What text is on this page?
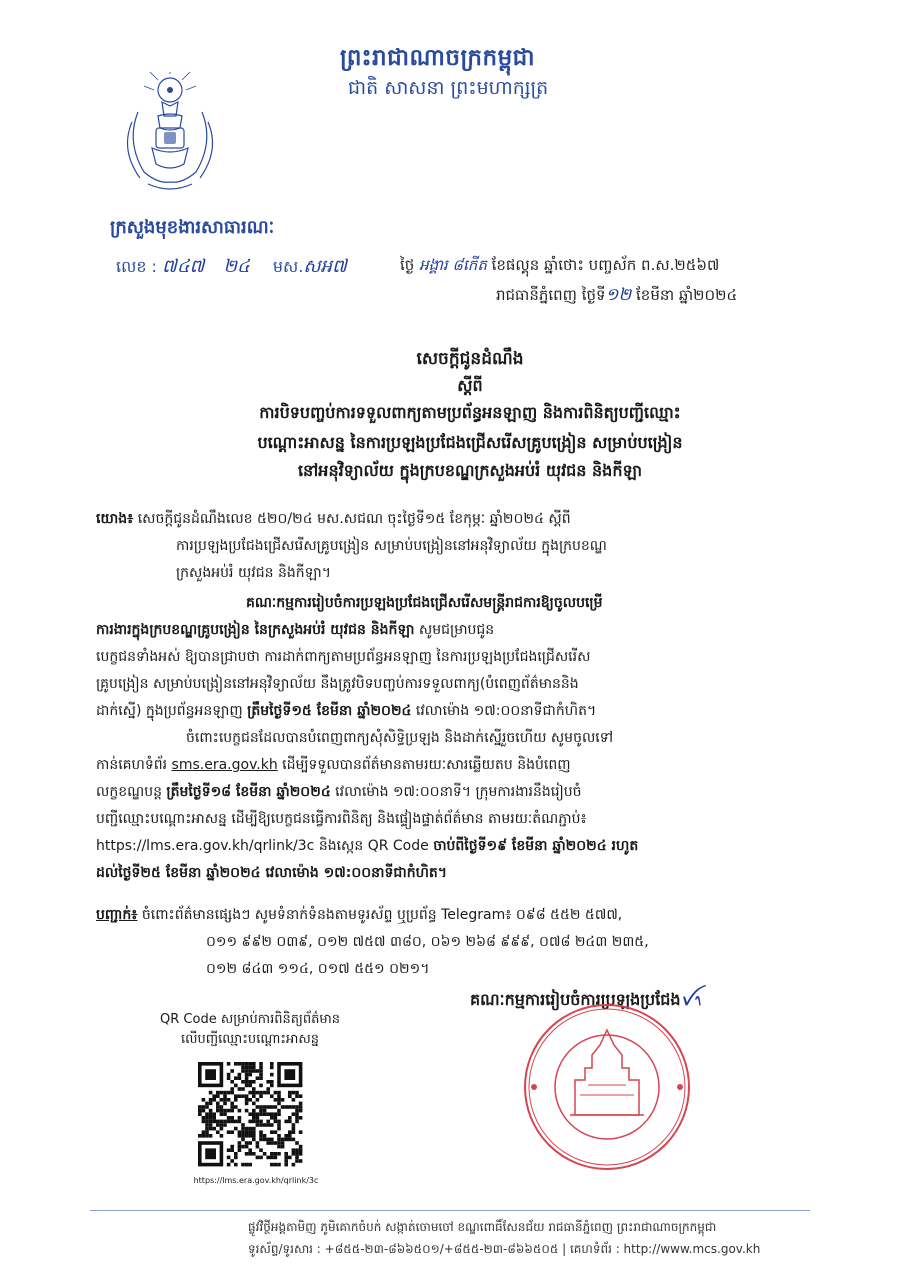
ព្រះរាជាណាចក្រកម្ពុជា
ជាតិ សាសនា ព្រះមហាក្សត្រ
ក្រសួងមុខងារសាធារណៈ
លេខ : ៧៤៧ ២៤ មស.សអ៧	ថ្ងៃ អង្គារ ៨កើត ខែផល្គុន ឆ្នាំថោះ បញ្ចស័ក ព.ស.២៥៦៧
រាជធានីភ្នំពេញ ថ្ងៃទី១២ ខែមីនា ឆ្នាំ២០២៤
សេចក្ដីជូនដំណឹង
ស្ដីពី
ការបិទបញ្ចប់ការទទួលពាក្យតាមប្រព័ន្ធអនឡាញ និងការពិនិត្យបញ្ជីឈ្មោះ
បណ្ដោះអាសន្ន នៃការប្រឡងប្រជែងជ្រើសរើសគ្រូបង្រៀន សម្រាប់បង្រៀន
នៅអនុវិទ្យាល័យ ក្នុងក្របខណ្ឌក្រសួងអប់រំ យុវជន និងកីឡា
យោង៖ សេចក្ដីជូនដំណឹងលេខ ៥២០/២៤ មស.សជណ ចុះថ្ងៃទី១៥ ខែកុម្ភៈ ឆ្នាំ២០២៤ ស្ដីពី
ការប្រឡងប្រជែងជ្រើសរើសគ្រូបង្រៀន សម្រាប់បង្រៀននៅអនុវិទ្យាល័យ ក្នុងក្របខណ្ឌ
ក្រសួងអប់រំ យុវជន និងកីឡា។
គណៈកម្មការរៀបចំការប្រឡងប្រជែងជ្រើសរើសមន្ត្រីរាជការឱ្យចូលបម្រើ
ការងារក្នុងក្របខណ្ឌគ្រូបង្រៀន នៃក្រសួងអប់រំ យុវជន និងកីឡា សូមជម្រាបជូន
បេក្ខជនទាំងអស់ ឱ្យបានជ្រាបថា ការដាក់ពាក្យតាមប្រព័ន្ធអនឡាញ នៃការប្រឡងប្រជែងជ្រើសរើស
គ្រូបង្រៀន សម្រាប់បង្រៀននៅអនុវិទ្យាល័យ នឹងត្រូវបិទបញ្ចប់ការទទួលពាក្យ(បំពេញព័ត៌មាននិង
ដាក់ស្នើ) ក្នុងប្រព័ន្ធអនឡាញ ត្រឹមថ្ងៃទី១៥ ខែមីនា ឆ្នាំ២០២៤ វេលាម៉ោង ១៧:០០នាទីជាកំហិត។
ចំពោះបេក្ខជនដែលបានបំពេញពាក្យសុំសិទ្ធិប្រឡង និងដាក់ស្នើរួចហើយ សូមចូលទៅ
កាន់គេហទំព័រ sms.era.gov.kh ដើម្បីទទួលបានព័ត៌មានតាមរយៈសារឆ្លើយតប និងបំពេញ
លក្ខខណ្ឌបន្ត ត្រឹមថ្ងៃទី១៨ ខែមីនា ឆ្នាំ២០២៤ វេលាម៉ោង ១៧:០០នាទី។ ក្រុមការងារនឹងរៀបចំ
បញ្ជីឈ្មោះបណ្ដោះអាសន្ន ដើម្បីឱ្យបេក្ខជនធ្វើការពិនិត្យ និងផ្ទៀងផ្ទាត់ព័ត៌មាន តាមរយៈតំណភ្ជាប់៖
https://lms.era.gov.kh/qrlink/3c និងស្កេន QR Code ចាប់ពីថ្ងៃទី១៩ ខែមីនា ឆ្នាំ២០២៤ រហូត
ដល់ថ្ងៃទី២៥ ខែមីនា ឆ្នាំ២០២៤ វេលាម៉ោង ១៧:០០នាទីជាកំហិត។
បញ្ជាក់៖ ចំពោះព័ត៌មានផ្សេងៗ សូមទំនាក់ទំនងតាមទូរស័ព្ទ ឬប្រព័ន្ធ Telegram៖ ០៩៨ ៥៥២ ៥៧៧,
០១១ ៩៩២ ០៣៩, ០១២ ៧៥៧ ៣៨០, ០៦១ ២៦៨ ៩៩៩, ០៧៨ ២៤៣ ២៣៥,
០១២ ៨៤៣ ១១៤, ០១៧ ៥៥១ ០២១។
គណៈកម្មការរៀបចំការប្រឡងប្រជែងꪜ᭤
QR Code សម្រាប់ការពិនិត្យព័ត៌មាន
លើបញ្ជីឈ្មោះបណ្ដោះអាសន្ន
https://lms.era.gov.kh/qrlink/3c
ផ្លូវវិថ្ថីអង្គតាមិញ ភូមិគោកចំបក់ សង្កាត់ចោមចៅ ខណ្ឌពោធិ៍សែនជ័យ រាជធានីភ្នំពេញ ព្រះរាជាណាចក្រកម្ពុជា
ទូរស័ព្ទ/ទូរសារ : +៨៥៥-២៣-៨៦៦៥០១/+៨៥៥-២៣-៨៦៦៥០៥ | គេហទំព័រ : http://www.mcs.gov.kh
